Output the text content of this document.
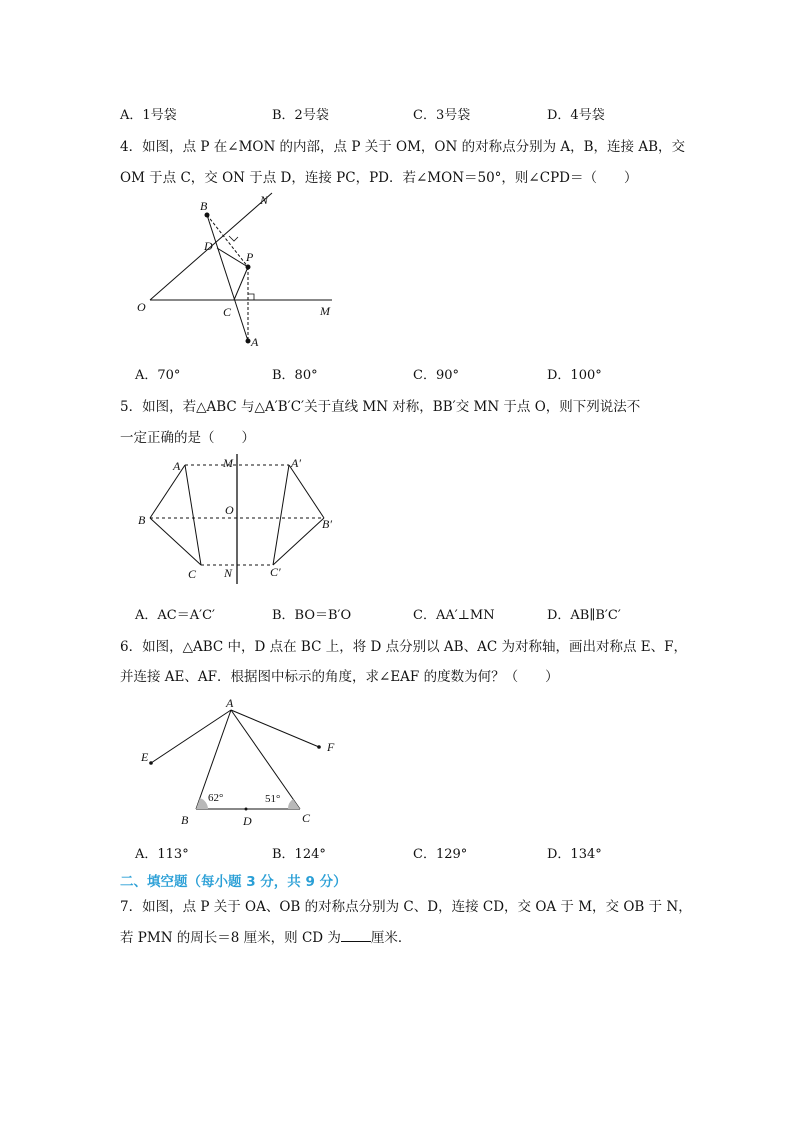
A．1号袋	B．2号袋	C．3号袋	D．4号袋
4．如图，点 P 在∠MON 的内部，点 P 关于 OM，ON 的对称点分别为 A，B，连接 AB，交
OM 于点 C，交 ON 于点 D，连接 PC，PD．若∠MON＝50°，则∠CPD＝（　　）
B	N
D
P
O	C	M
A
A．70°	B．80°	C．90°	D．100°
5．如图，若△ABC 与△A′B′C′关于直线 MN 对称，BB′交 MN 于点 O，则下列说法不
一定正确的是（　　）
A	M	A′
B
O
B′
C N	C′
A．AC＝A′C′	B．BO＝B′O	C．AA′⊥MN	D．AB∥B′C′
6．如图，△ABC 中，D 点在 BC 上，将 D 点分别以 AB、AC 为对称轴，画出对称点 E、F，
并连接 AE、AF．根据图中标示的角度，求∠EAF 的度数为何？（　　）
A
E
F
B	D	C
62°	51°
A．113°	B．124°	C．129°	D．134°
二、填空题（每小题 3 分，共 9 分）
7．如图，点 P 关于 OA、OB 的对称点分别为 C、D，连接 CD，交 OA 于 M，交 OB 于 N，
若 PMN 的周长＝8 厘米，则 CD 为 厘米．
